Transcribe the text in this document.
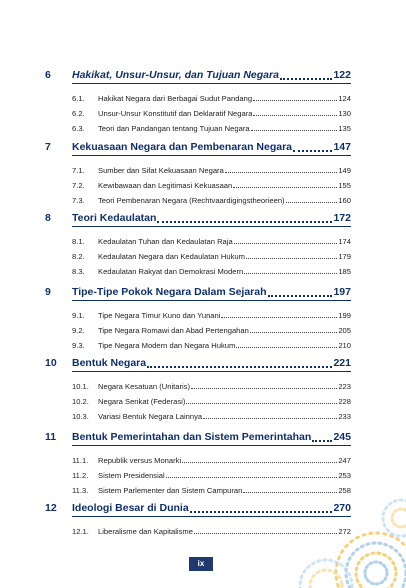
6 Hakikat, Unsur-Unsur, dan Tujuan Negara	122
6.1. Hakikat Negara dari Berbagai Sudut Pandang	124
6.2. Unsur-Unsur Konstitutif dan Deklaratif Negara	130
6.3. Teori dan Pandangan tentang Tujuan Negara	135
7 Kekuasaan Negara dan Pembenaran Negara	147
7.1. Sumber dan Sifat Kekuasaan Negara	149
7.2. Kewibawaan dan Legitimasi Kekuasaan	155
7.3. Teori Pembenaran Negara (Rechtvaardigingstheorieen)	160
8 Teori Kedaulatan	172
8.1. Kedaulatan Tuhan dan Kedaulatan Raja	174
8.2. Kedaulatan Negara dan Kedaulatan Hukum	179
8.3. Kedaulatan Rakyat dan Demokrasi Modern	185
9 Tipe-Tipe Pokok Negara Dalam Sejarah	197
9.1. Tipe Negara Timur Kuno dan Yunani	199
9.2. Tipe Negara Romawi dan Abad Pertengahan	205
9.3. Tipe Negara Modern dan Negara Hukum	210
10 Bentuk Negara	221
10.1. Negara Kesatuan (Unitaris)	223
10.2. Negara Serikat (Federasi)	228
10.3. Variasi Bentuk Negara Lainnya	233
11 Bentuk Pemerintahan dan Sistem Pemerintahan 245
11.1. Republik versus Monarki	247
11.2. Sistem Presidensial	253
11.3. Sistem Parlementer dan Sistem Campuran	258
12 Ideologi Besar di Dunia	270
12.1. Liberalisme dan Kapitalisme	272
ix
